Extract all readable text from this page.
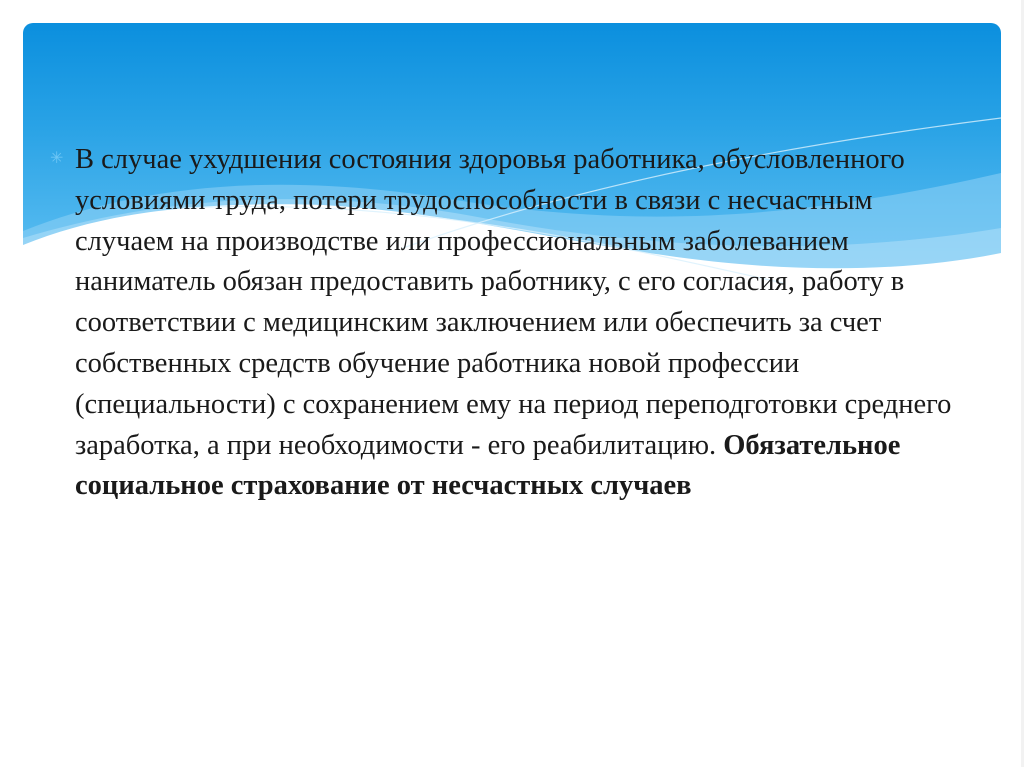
✳ В случае ухудшения состояния здоровья работника, обусловленного условиями труда, потери трудоспособности в связи с несчастным случаем на производстве или профессиональным заболеванием наниматель обязан предоставить работнику, с его согласия, работу в соответствии с медицинским заключением или обеспечить за счет собственных средств обучение работника новой профессии (специальности) с сохранением ему на период переподготовки среднего заработка, а при необходимости - его реабилитацию. Обязательное социальное страхование от несчастных случаев
